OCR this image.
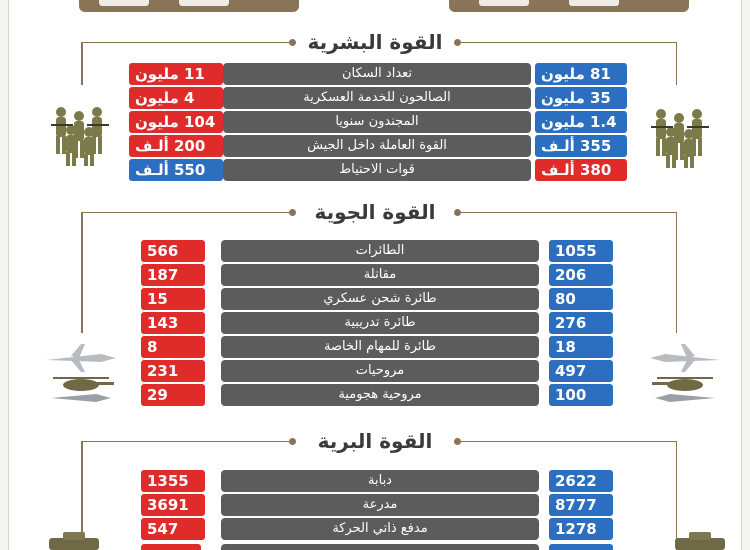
القوة البشرية
11 مليون	تعداد السكان	81 مليون
4 مليون	الصالحون للخدمة العسكرية	35 مليون
104 مليون	المجندون سنويا	1.4 مليون
200 ألـف	القوة العاملة داخل الجيش	355 ألـف
550 ألـف	قوات الاحتياط	380 ألـف
القوة الجوية
566	الطائرات	1055
187	مقاتلة	206
15	طائرة شحن عسكري	80
143	طائرة تدريبية	276
8	طائرة للمهام الخاصة	18
231	مروحيات	497
29	مروحية هجومية	100
القوة البرية
1355	دبابة	2622
3691	مدرعة	8777
547	مدفع ذاتي الحركة	1278
